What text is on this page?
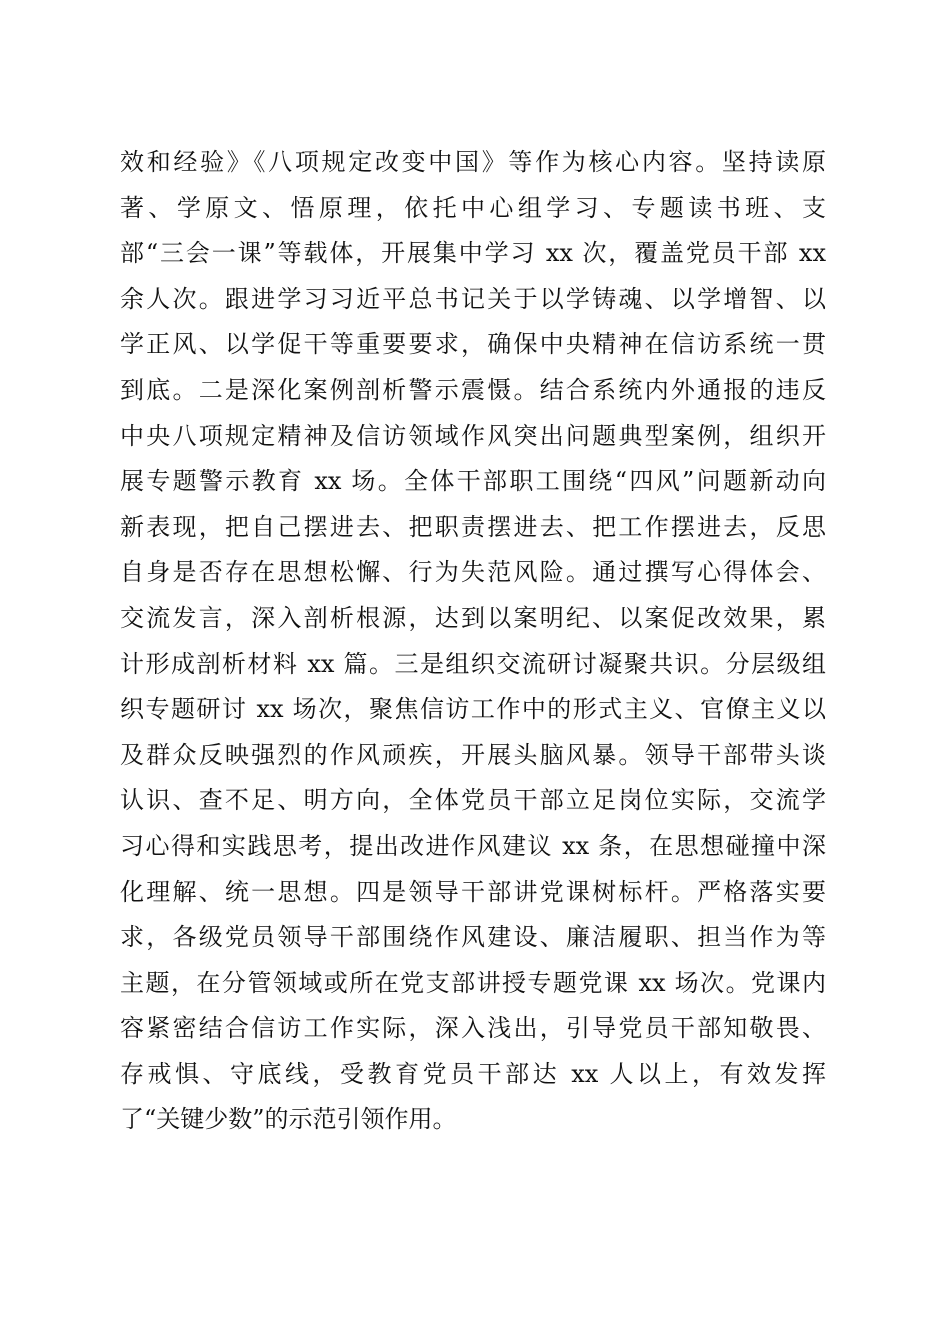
效和经验》《八项规定改变中国》等作为核心内容。坚持读原
著、学原文、悟原理，依托中心组学习、专题读书班、支
部“三会一课”等载体，开展集中学习 xx 次，覆盖党员干部 xx
余人次。跟进学习习近平总书记关于以学铸魂、以学增智、以
学正风、以学促干等重要要求，确保中央精神在信访系统一贯
到底。二是深化案例剖析警示震慑。结合系统内外通报的违反
中央八项规定精神及信访领域作风突出问题典型案例，组织开
展专题警示教育 xx 场。全体干部职工围绕“四风”问题新动向
新表现，把自己摆进去、把职责摆进去、把工作摆进去，反思
自身是否存在思想松懈、行为失范风险。通过撰写心得体会、
交流发言，深入剖析根源，达到以案明纪、以案促改效果，累
计形成剖析材料 xx 篇。三是组织交流研讨凝聚共识。分层级组
织专题研讨 xx 场次，聚焦信访工作中的形式主义、官僚主义以
及群众反映强烈的作风顽疾，开展头脑风暴。领导干部带头谈
认识、查不足、明方向，全体党员干部立足岗位实际，交流学
习心得和实践思考，提出改进作风建议 xx 条，在思想碰撞中深
化理解、统一思想。四是领导干部讲党课树标杆。严格落实要
求，各级党员领导干部围绕作风建设、廉洁履职、担当作为等
主题，在分管领域或所在党支部讲授专题党课 xx 场次。党课内
容紧密结合信访工作实际，深入浅出，引导党员干部知敬畏、
存戒惧、守底线，受教育党员干部达 xx 人以上，有效发挥
了“关键少数”的示范引领作用。
